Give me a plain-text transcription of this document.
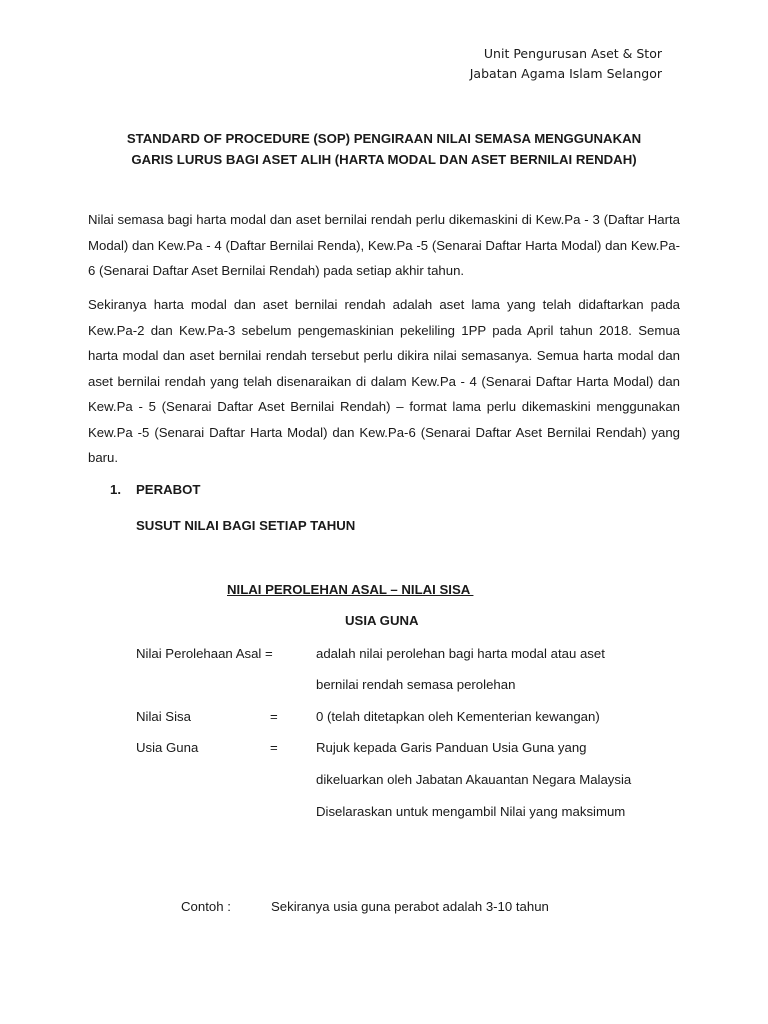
Unit Pengurusan Aset & Stor
Jabatan Agama Islam Selangor
STANDARD OF PROCEDURE (SOP) PENGIRAAN NILAI SEMASA MENGGUNAKAN
GARIS LURUS BAGI ASET ALIH (HARTA MODAL DAN ASET BERNILAI RENDAH)
Nilai semasa bagi harta modal dan aset bernilai rendah perlu dikemaskini di Kew.Pa - 3 (Daftar Harta Modal) dan Kew.Pa - 4 (Daftar Bernilai Renda), Kew.Pa -5 (Senarai Daftar Harta Modal) dan Kew.Pa-6 (Senarai Daftar Aset Bernilai Rendah) pada setiap akhir tahun.
Sekiranya harta modal dan aset bernilai rendah adalah aset lama yang telah didaftarkan pada Kew.Pa-2 dan Kew.Pa-3 sebelum pengemaskinian pekeliling 1PP pada April tahun 2018. Semua harta modal dan aset bernilai rendah tersebut perlu dikira nilai semasanya. Semua harta modal dan aset bernilai rendah yang telah disenaraikan di dalam Kew.Pa - 4 (Senarai Daftar Harta Modal) dan Kew.Pa - 5 (Senarai Daftar Aset Bernilai Rendah) – format lama perlu dikemaskini menggunakan Kew.Pa -5 (Senarai Daftar Harta Modal) dan Kew.Pa-6 (Senarai Daftar Aset Bernilai Rendah) yang baru.
1. PERABOT
SUSUT NILAI BAGI SETIAP TAHUN
NILAI PEROLEHAN ASAL – NILAI SISA
USIA GUNA
Nilai Perolehaan Asal =	adalah nilai perolehan bagi harta modal atau aset
bernilai rendah semasa perolehan
Nilai Sisa	=	0 (telah ditetapkan oleh Kementerian kewangan)
Usia Guna	=	Rujuk kepada Garis Panduan Usia Guna yang
dikeluarkan oleh Jabatan Akauantan Negara Malaysia
Diselaraskan untuk mengambil Nilai yang maksimum
Contoh :	Sekiranya usia guna perabot adalah 3-10 tahun
